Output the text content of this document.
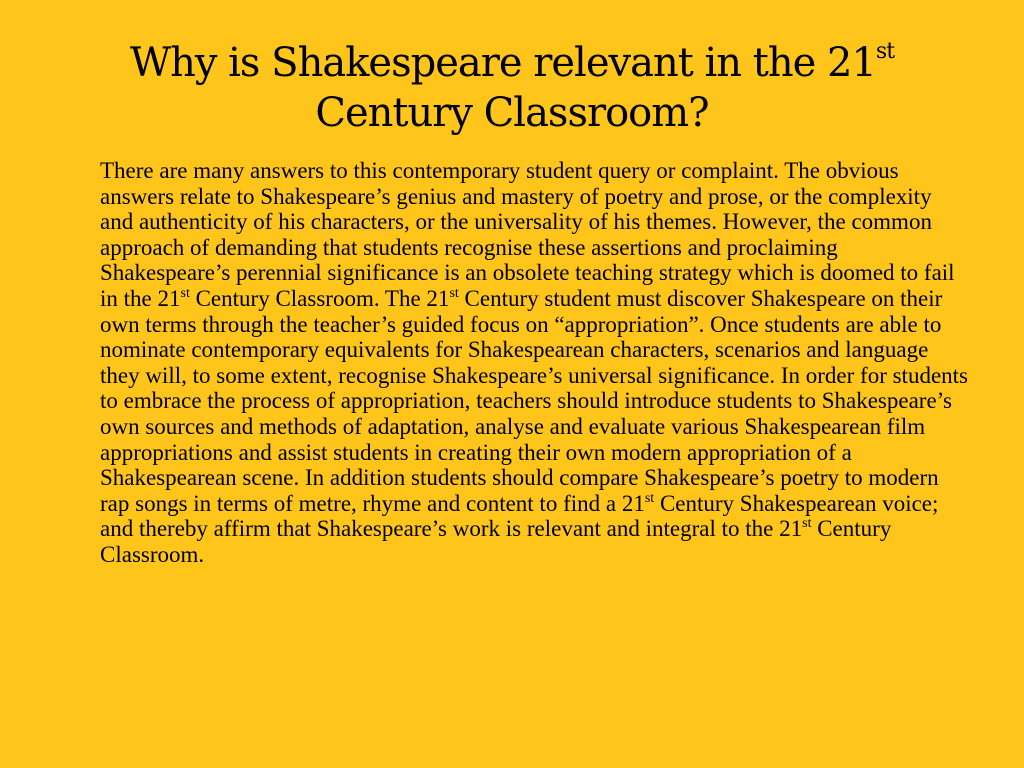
Why is Shakespeare relevant in the 21st
Century Classroom?

There are many answers to this contemporary student query or complaint. The obvious answers relate to Shakespeare’s genius and mastery of poetry and prose, or the complexity and authenticity of his characters, or the universality of his themes. However, the common approach of demanding that students recognise these assertions and proclaiming Shakespeare’s perennial significance is an obsolete teaching strategy which is doomed to fail in the 21st Century Classroom. The 21st Century student must discover Shakespeare on their own terms through the teacher’s guided focus on “appropriation”. Once students are able to nominate contemporary equivalents for Shakespearean characters, scenarios and language they will, to some extent, recognise Shakespeare’s universal significance. In order for students to embrace the process of appropriation, teachers should introduce students to Shakespeare’s own sources and methods of adaptation, analyse and evaluate various Shakespearean film appropriations and assist students in creating their own modern appropriation of a Shakespearean scene. In addition students should compare Shakespeare’s poetry to modern rap songs in terms of metre, rhyme and content to find a 21st Century Shakespearean voice; and thereby affirm that Shakespeare’s work is relevant and integral to the 21st Century Classroom.
